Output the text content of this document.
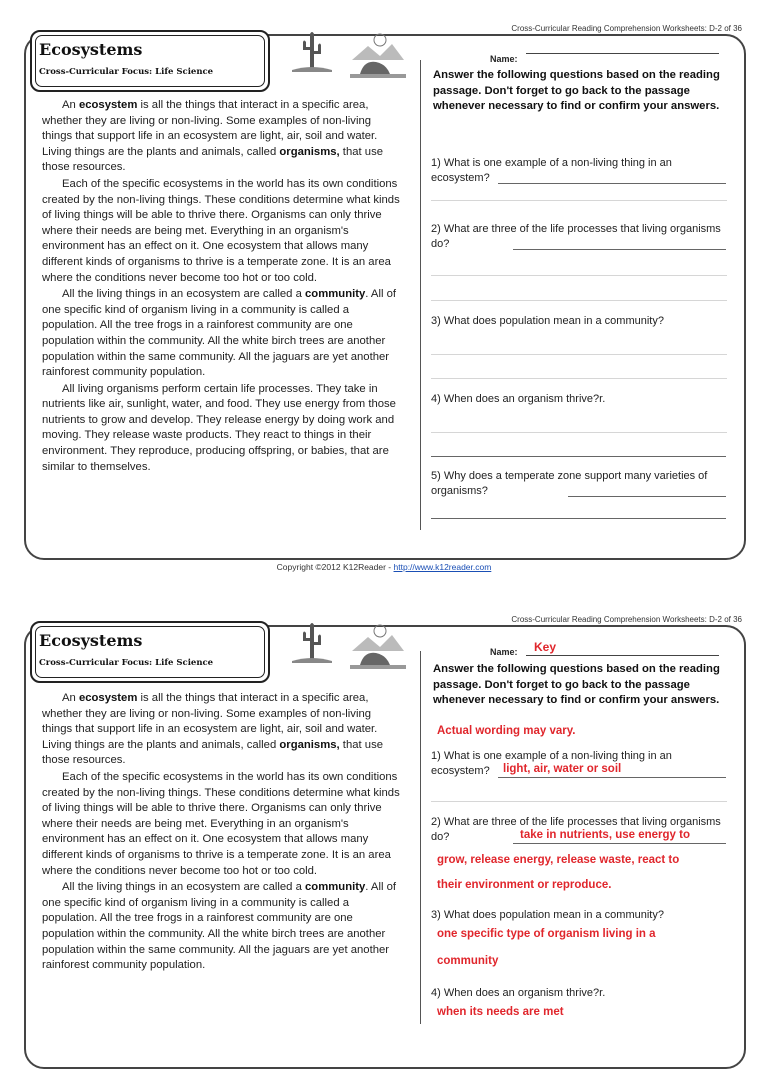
Cross-Curricular Reading Comprehension Worksheets: D-2 of 36
Ecosystems
Cross-Curricular Focus: Life Science

An ecosystem is all the things that interact in a specific area, whether they are living or non-living. Some examples of non-living things that support life in an ecosystem are light, air, soil and water. Living things are the plants and animals, called organisms, that use those resources.

Each of the specific ecosystems in the world has its own conditions created by the non-living things. These conditions determine what kinds of living things will be able to thrive there. Organisms can only thrive where their needs are being met. Everything in an organism's environment has an effect on it. One ecosystem that allows many different kinds of organisms to thrive is a temperate zone. It is an area where the conditions never become too hot or too cold.

All the living things in an ecosystem are called a community. All of one specific kind of organism living in a community is called a population. All the tree frogs in a rainforest community are one population within the community. All the white birch trees are another population within the same community. All the jaguars are yet another rainforest community population.

All living organisms perform certain life processes. They take in nutrients like air, sunlight, water, and food. They use energy from those nutrients to grow and develop. They release energy by doing work and moving. They release waste products. They react to things in their environment. They reproduce, producing offspring, or babies, that are similar to themselves.

Name:
Answer the following questions based on the reading passage. Don't forget to go back to the passage whenever necessary to find or confirm your answers.
1) What is one example of a non-living thing in an ecosystem?
2) What are three of the life processes that living organisms do?
3) What does population mean in a community?
4) When does an organism thrive?r.
5) Why does a temperate zone support many varieties of organisms?
Copyright ©2012 K12Reader - http://www.k12reader.com
Cross-Curricular Reading Comprehension Worksheets: D-2 of 36
Ecosystems
Cross-Curricular Focus: Life Science

An ecosystem is all the things that interact in a specific area, whether they are living or non-living. Some examples of non-living things that support life in an ecosystem are light, air, soil and water. Living things are the plants and animals, called organisms, that use those resources.

Each of the specific ecosystems in the world has its own conditions created by the non-living things. These conditions determine what kinds of living things will be able to thrive there. Organisms can only thrive where their needs are being met. Everything in an organism's environment has an effect on it. One ecosystem that allows many different kinds of organisms to thrive is a temperate zone. It is an area where the conditions never become too hot or too cold.

All the living things in an ecosystem are called a community. All of one specific kind of organism living in a community is called a population. All the tree frogs in a rainforest community are one population within the community. All the white birch trees are another population within the same community. All the jaguars are yet another rainforest community population.

Name: Key
Answer the following questions based on the reading passage. Don't forget to go back to the passage whenever necessary to find or confirm your answers.
Actual wording may vary.
1) What is one example of a non-living thing in an ecosystem?	light, air, water or soil
2) What are three of the life processes that living organisms do?	take in nutrients, use energy to
grow, release energy, release waste, react to
their environment or reproduce.
3) What does population mean in a community?
one specific type of organism living in a
community
4) When does an organism thrive?r.
when its needs are met
